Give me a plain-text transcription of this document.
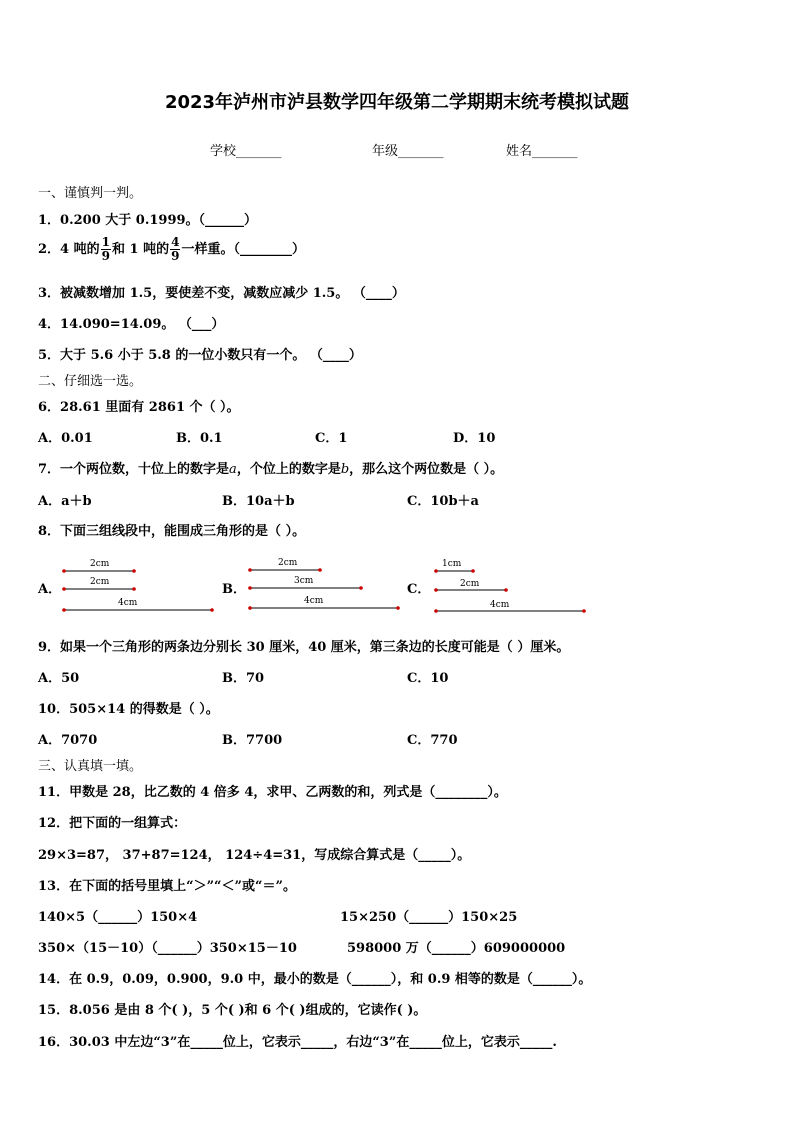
2023年泸州市泸县数学四年级第二学期期末统考模拟试题
学校_______	年级_______	姓名_______
一、谨慎判一判。
1．0.200 大于 0.1999。（______）
2．4 吨的 $\frac{1}{9}$ 和 1 吨的 $\frac{4}{9}$ 一样重。（________）
3．被减数增加 1.5，要使差不变，减数应减少 1.5。 （____）
4．14.090=14.09。 （___）
5．大于 5.6 小于 5.8 的一位小数只有一个。 （____）
二、仔细选一选。
6．28.61 里面有 2861 个（ ）。
A．0.01	B．0.1	C．1	D．10
7．一个两位数，十位上的数字是a，个位上的数字是b，那么这个两位数是（ ）。
A．a＋b	B．10a＋b	C．10b＋a
8．下面三组线段中，能围成三角形的是（ ）。
A．
2cm
2cm
4cm
B．
2cm
3cm
4cm
C．
1cm
2cm
4cm
9．如果一个三角形的两条边分别长 30 厘米，40 厘米，第三条边的长度可能是（ ）厘米。
A．50	B．70	C．10
10．505×14 的得数是（ ）。
A．7070	B．7700	C．770
三、认真填一填。
11．甲数是 28，比乙数的 4 倍多 4，求甲、乙两数的和，列式是（________）。
12．把下面的一组算式：
29×3=87， 37+87=124， 124÷4=31，写成综合算式是（_____）。
13．在下面的括号里填上“＞”“＜”或“＝”。
140×5（______）150×4	15×250（______）150×25
350×（15－10）（______）350×15－10	598000 万（______）609000000
14．在 0.9，0.09，0.900，9.0 中，最小的数是（______），和 0.9 相等的数是（______）。
15．8.056 是由 8 个( )，5 个( )和 6 个( )组成的，它读作( )。
16．30.03 中左边“3”在_____位上，它表示_____，右边“3”在_____位上，它表示_____.
